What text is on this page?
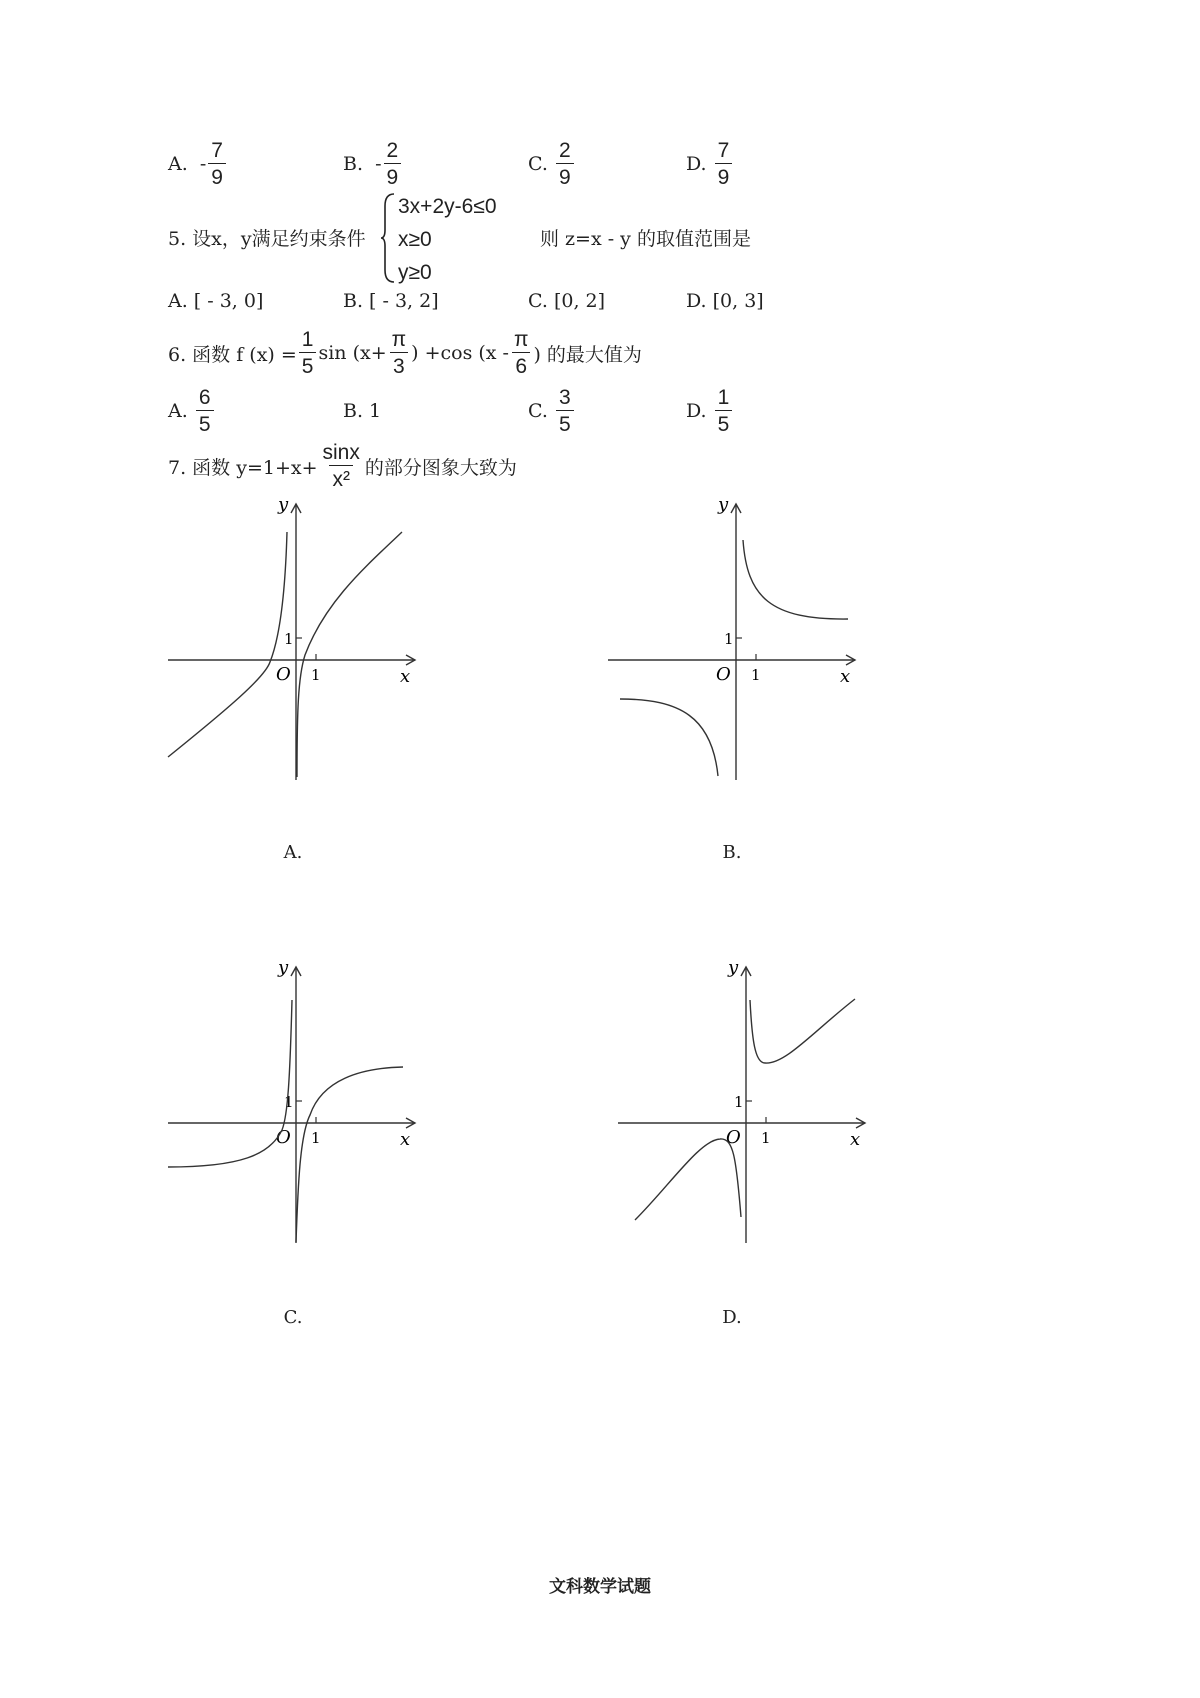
A.
- $\frac{7}{9}$	B.
- $\frac{2}{9}$	C.
$\frac{2}{9}$	D.
$\frac{7}{9}$
5. 设x，y满足约束条件
3x+2y-6≤0
x≥0
y≥0
则 z=x - y 的取值范围是
A. [ - 3, 0]	B. [ - 3, 2]	C. [0, 2]	D. [0, 3]
6. 函数 f $(x) = \frac{1}{5}$ $\sin (x+ \frac{\pi}{3}$ ) +cos ($x - \frac{\pi}{6}$ ) 的最大值为
A.
$\frac{6}{5}$	B. 1	C.
$\frac{3}{5}$	D.
$\frac{1}{5}$
7. 函数 $y=1+x+ \frac{\sin x}{\text{x²}}$ 的部分图象大致为
y
x
O
1
1
y
x
O
1
1
A.	B.
y
x
O
1
1
y
x
O
1
1
C.	D.
文科数学试题
